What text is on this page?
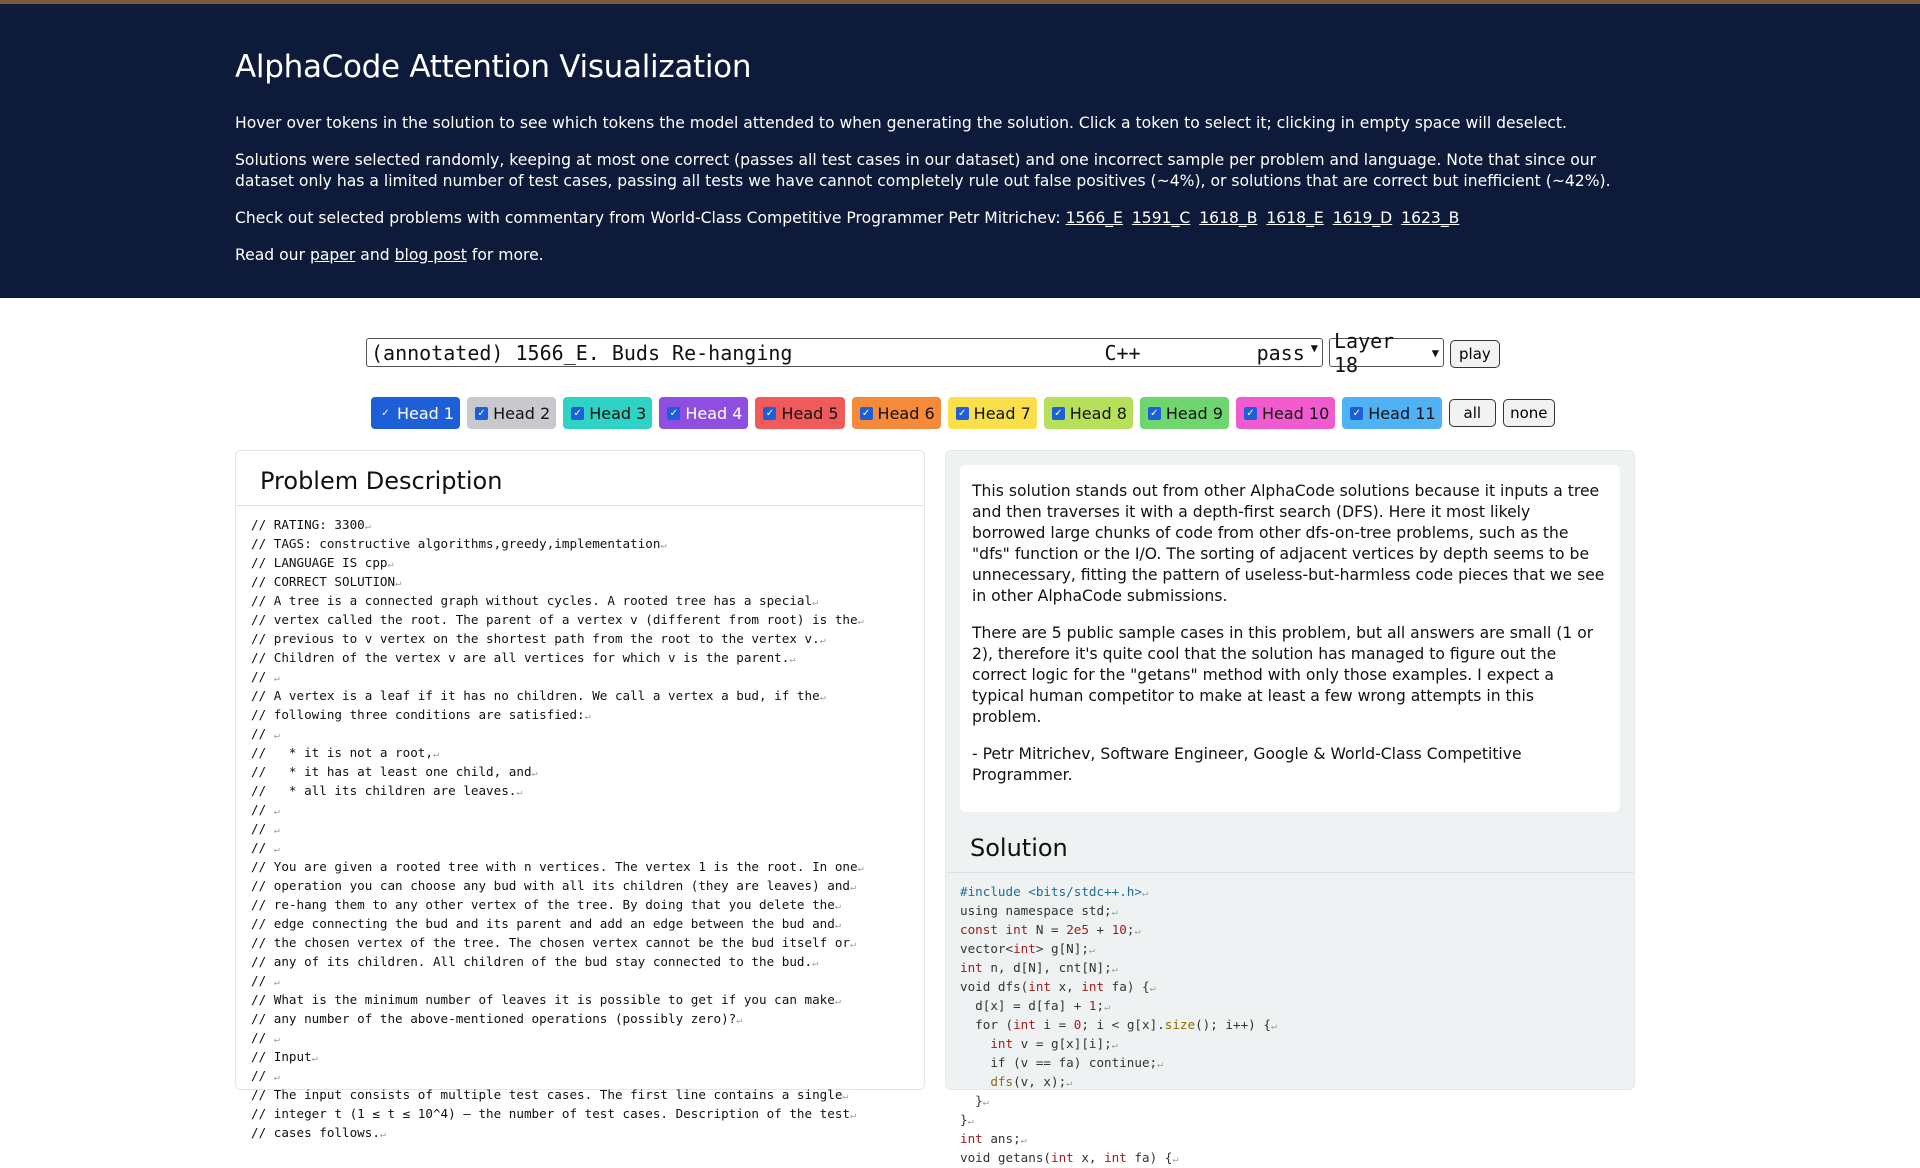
AlphaCode Attention Visualization

Hover over tokens in the solution to see which tokens the model attended to when generating the solution. Click a token to select it; clicking in empty space will deselect.

Solutions were selected randomly, keeping at most one correct (passes all test cases in our dataset) and one incorrect sample per problem and language. Note that since our dataset only has a limited number of test cases, passing all tests we have cannot completely rule out false positives (~4%), or solutions that are correct but inefficient (~42%).

Check out selected problems with commentary from World-Class Competitive Programmer Petr Mitrichev: 1566_E 1591_C 1618_B 1618_E 1619_D 1623_B

Read our paper and blog post for more.

(annotated) 1566_E. Buds Re-hanging	C++	pass ▼ Layer 18	▼	play
✓ Head 1 ✓ Head 2 ✓ Head 3 ✓ Head 4 ✓ Head 5 ✓ Head 6 ✓ Head 7 ✓ Head 8 ✓ Head 9 ✓ Head 10 ✓ Head 11	all	none
Problem Description
// RATING: 3300↵
// TAGS: constructive algorithms,greedy,implementation↵
// LANGUAGE IS cpp↵
// CORRECT SOLUTION↵
// A tree is a connected graph without cycles. A rooted tree has a special↵
// vertex called the root. The parent of a vertex v (different from root) is the↵
// previous to v vertex on the shortest path from the root to the vertex v.↵
// Children of the vertex v are all vertices for which v is the parent.↵
// ↵
// A vertex is a leaf if it has no children. We call a vertex a bud, if the↵
// following three conditions are satisfied:↵
// ↵
//   * it is not a root,↵
//   * it has at least one child, and↵
//   * all its children are leaves.↵
// ↵
// ↵
// ↵
// You are given a rooted tree with n vertices. The vertex 1 is the root. In one↵
// operation you can choose any bud with all its children (they are leaves) and↵
// re-hang them to any other vertex of the tree. By doing that you delete the↵
// edge connecting the bud and its parent and add an edge between the bud and↵
// the chosen vertex of the tree. The chosen vertex cannot be the bud itself or↵
// any of its children. All children of the bud stay connected to the bud.↵
// ↵
// What is the minimum number of leaves it is possible to get if you can make↵
// any number of the above-mentioned operations (possibly zero)?↵
// ↵
// Input↵
// ↵
// The input consists of multiple test cases. The first line contains a single↵
// integer t (1 ≤ t ≤ 10^4) — the number of test cases. Description of the test↵
// cases follows.↵

This solution stands out from other AlphaCode solutions because it inputs a tree and then traverses it with a depth-first search (DFS). Here it most likely borrowed large chunks of code from other dfs-on-tree problems, such as the "dfs" function or the I/O. The sorting of adjacent vertices by depth seems to be unnecessary, fitting the pattern of useless-but-harmless code pieces that we see in other AlphaCode submissions.

There are 5 public sample cases in this problem, but all answers are small (1 or 2), therefore it's quite cool that the solution has managed to figure out the correct logic for the "getans" method with only those examples. I expect a typical human competitor to make at least a few wrong attempts in this problem.

- Petr Mitrichev, Software Engineer, Google & World-Class Competitive Programmer.

Solution
#include <bits/stdc++.h>↵
using namespace std;↵
const int N = 2e5 + 10;↵
vector<int> g[N];↵
int n, d[N], cnt[N];↵
void dfs(int x, int fa) {↵
d[x] = d[fa] + 1;↵
for (int i = 0; i < g[x].size(); i++) {↵
int v = g[x][i];↵
if (v == fa) continue;↵
dfs(v, x);↵
}↵
}↵
int ans;↵
void getans(int x, int fa) {↵
